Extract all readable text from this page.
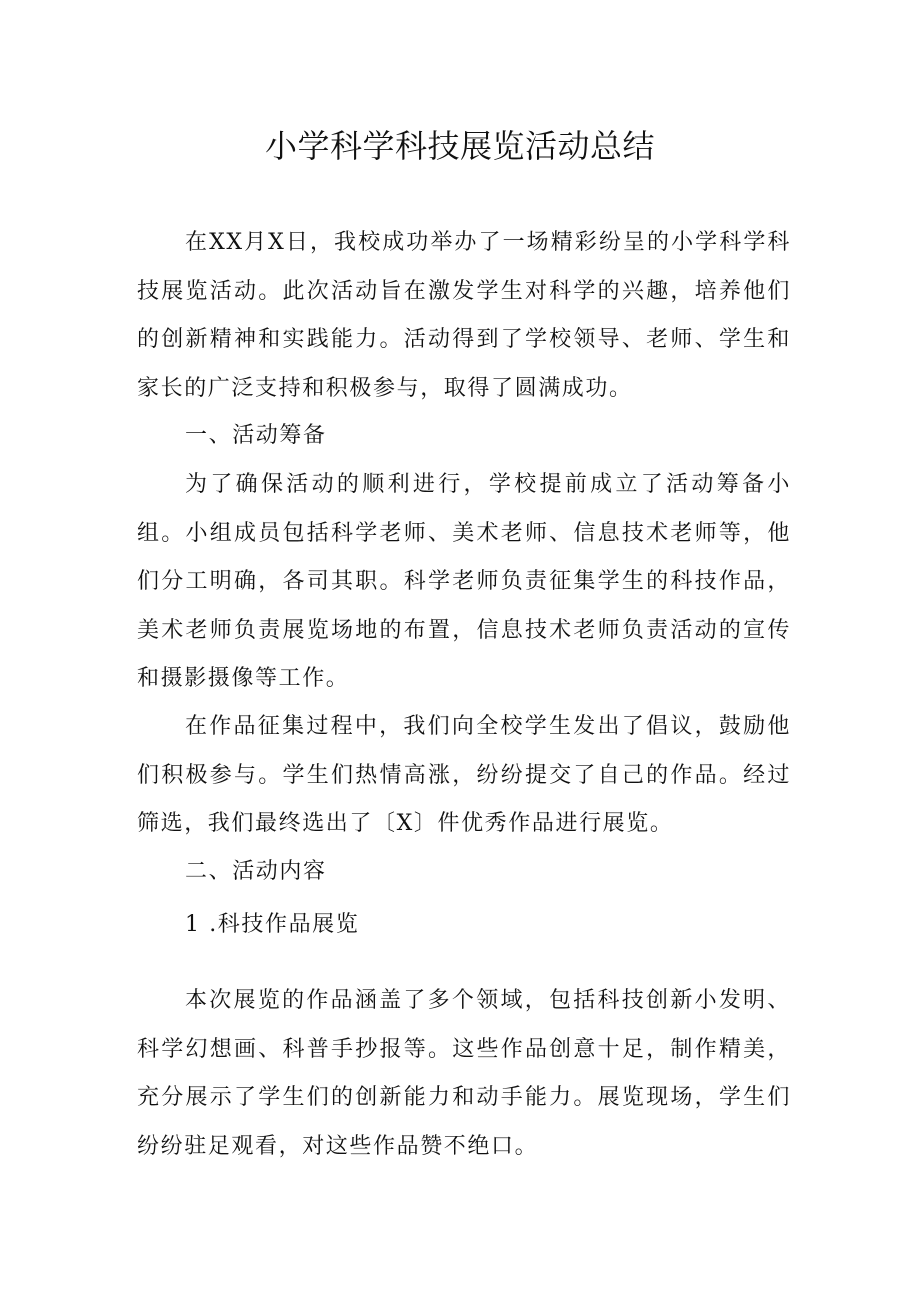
小学科学科技展览活动总结

在XX月X日，我校成功举办了一场精彩纷呈的小学科学科技展览活动。此次活动旨在激发学生对科学的兴趣，培养他们的创新精神和实践能力。活动得到了学校领导、老师、学生和家长的广泛支持和积极参与，取得了圆满成功。

一、活动筹备

为了确保活动的顺利进行，学校提前成立了活动筹备小组。小组成员包括科学老师、美术老师、信息技术老师等，他们分工明确，各司其职。科学老师负责征集学生的科技作品，美术老师负责展览场地的布置，信息技术老师负责活动的宣传和摄影摄像等工作。

在作品征集过程中，我们向全校学生发出了倡议，鼓励他们积极参与。学生们热情高涨，纷纷提交了自己的作品。经过筛选，我们最终选出了〔X〕件优秀作品进行展览。

二、活动内容

1 .科技作品展览

本次展览的作品涵盖了多个领域，包括科技创新小发明、科学幻想画、科普手抄报等。这些作品创意十足，制作精美，充分展示了学生们的创新能力和动手能力。展览现场，学生们纷纷驻足观看，对这些作品赞不绝口。
